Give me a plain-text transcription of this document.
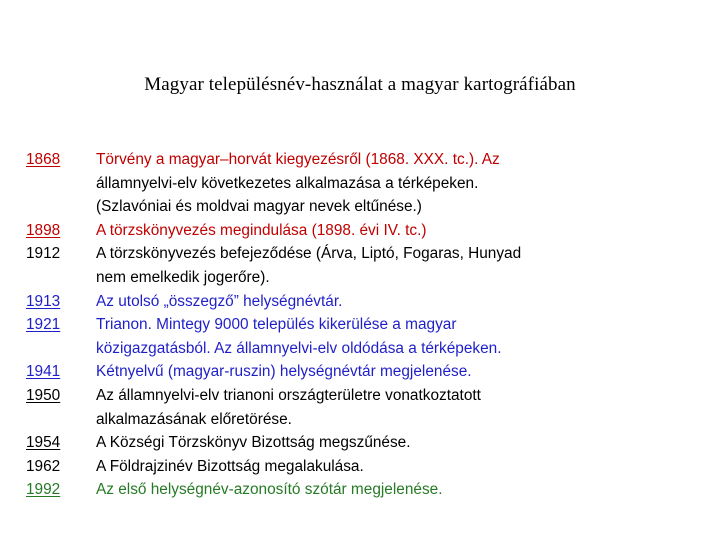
Magyar településnév-használat a magyar kartográfiában
1868	Törvény a magyar–horvát kiegyezésről (1868. XXX. tc.). Az
államnyelvi-elv következetes alkalmazása a térképeken.
(Szlavóniai és moldvai magyar nevek eltűnése.)
1898	A törzskönyvezés megindulása (1898. évi IV. tc.)
1912	A törzskönyvezés befejeződése (Árva, Liptó, Fogaras, Hunyad
nem emelkedik jogerőre).
1913	Az utolsó „összegző” helységnévtár.
1921	Trianon. Mintegy 9000 település kikerülése a magyar
közigazgatásból. Az államnyelvi-elv oldódása a térképeken.
1941	Kétnyelvű (magyar-ruszin) helységnévtár megjelenése.
1950	Az államnyelvi-elv trianoni országterületre vonatkoztatott
alkalmazásának előretörése.
1954	A Községi Törzskönyv Bizottság megszűnése.
1962	A Földrajzinév Bizottság megalakulása.
1992	Az első helységnév-azonosító szótár megjelenése.
